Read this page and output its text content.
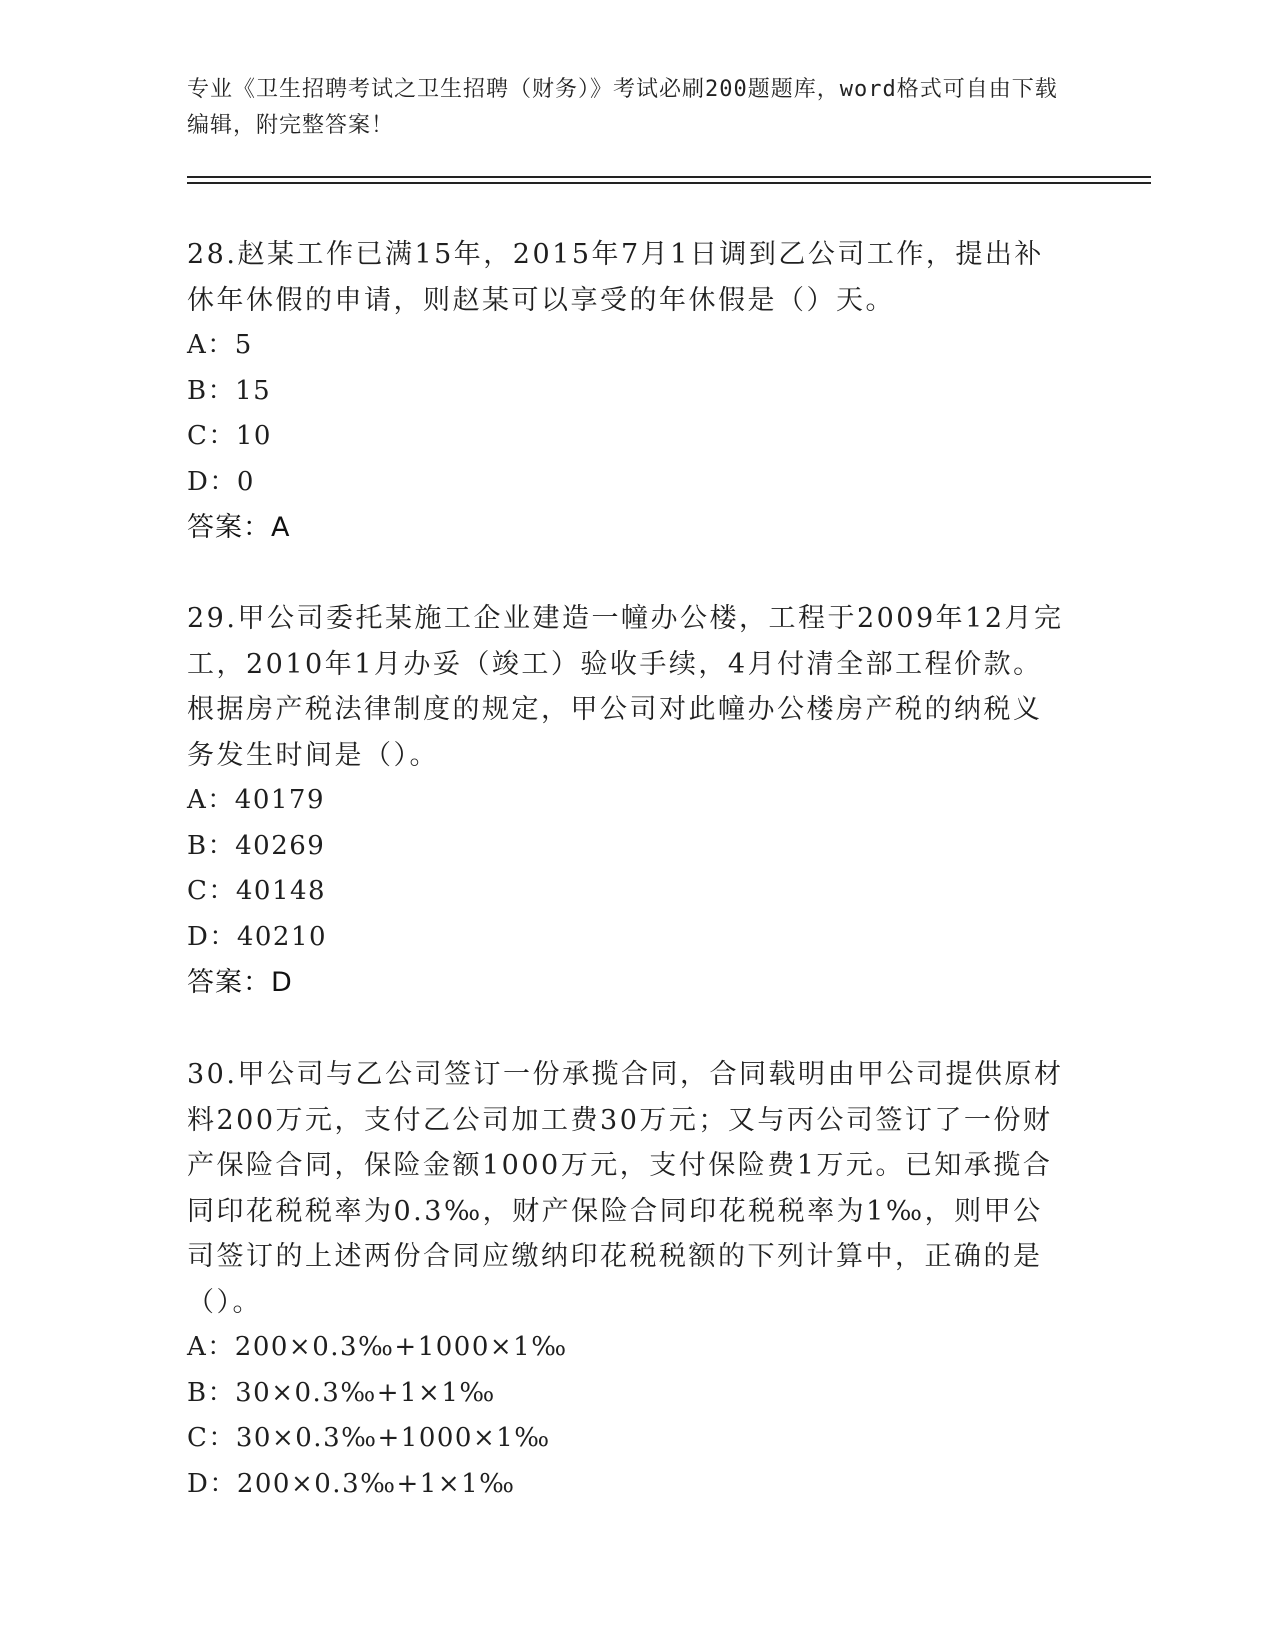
专业《卫生招聘考试之卫生招聘（财务）》考试必刷200题题库，word格式可自由下载编辑，附完整答案！

28.赵某工作已满15年，2015年7月1日调到乙公司工作，提出补休年休假的申请，则赵某可以享受的年休假是（）天。

A：5

B：15

C：10

D：0

答案：A

29.甲公司委托某施工企业建造一幢办公楼，工程于2009年12月完工，2010年1月办妥（竣工）验收手续，4月付清全部工程价款。根据房产税法律制度的规定，甲公司对此幢办公楼房产税的纳税义务发生时间是（）。

A：40179

B：40269

C：40148

D：40210

答案：D

30.甲公司与乙公司签订一份承揽合同，合同载明由甲公司提供原材料200万元，支付乙公司加工费30万元；又与丙公司签订了一份财产保险合同，保险金额1000万元，支付保险费1万元。已知承揽合同印花税税率为0.3‰，财产保险合同印花税税率为1‰，则甲公司签订的上述两份合同应缴纳印花税税额的下列计算中，正确的是（）。

A：200×0.3‰+1000×1‰

B：30×0.3‰+1×1‰

C：30×0.3‰+1000×1‰

D：200×0.3‰+1×1‰
